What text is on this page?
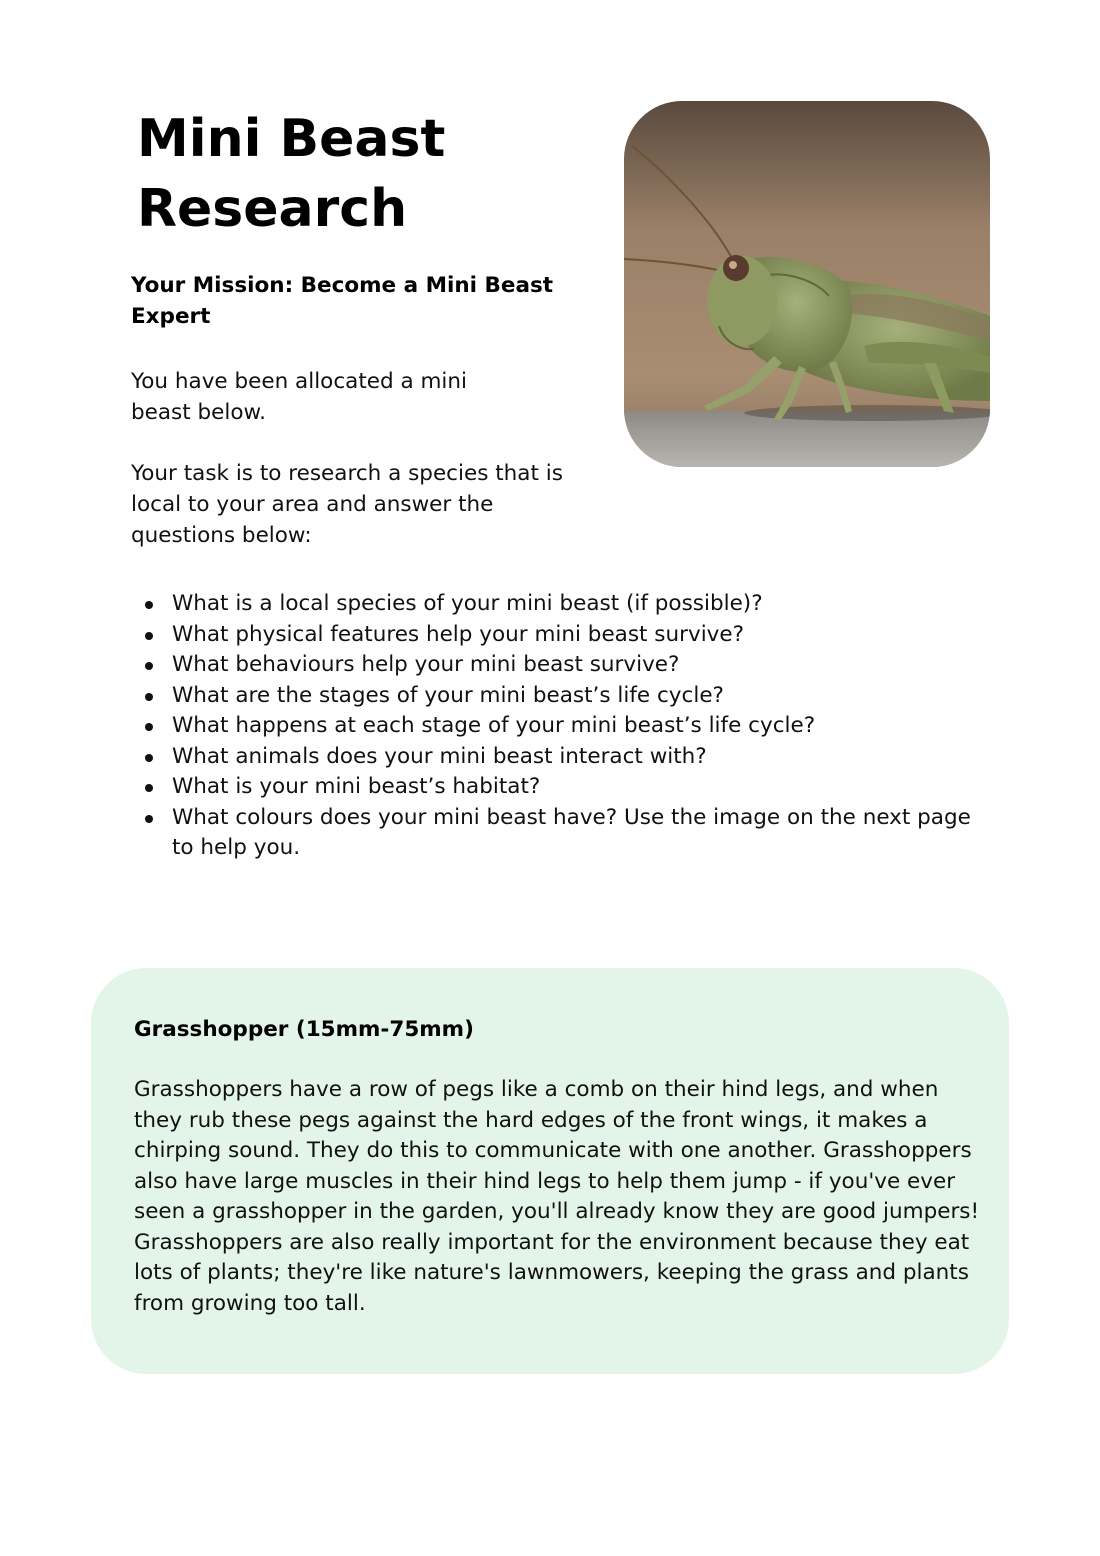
Mini Beast Research
Your Mission: Become a Mini Beast Expert

You have been allocated a mini beast below.

Your task is to research a species that is local to your area and answer the questions below:

What is a local species of your mini beast (if possible)?
What physical features help your mini beast survive?
What behaviours help your mini beast survive?
What are the stages of your mini beast’s life cycle?
What happens at each stage of your mini beast’s life cycle?
What animals does your mini beast interact with?
What is your mini beast’s habitat?
What colours does your mini beast have? Use the image on the next page to help you.
Grasshopper (15mm-75mm)

Grasshoppers have a row of pegs like a comb on their hind legs, and when they rub these pegs against the hard edges of the front wings, it makes a chirping sound. They do this to communicate with one another. Grasshoppers also have large muscles in their hind legs to help them jump - if you've ever seen a grasshopper in the garden, you'll already know they are good jumpers! Grasshoppers are also really important for the environment because they eat lots of plants; they're like nature's lawnmowers, keeping the grass and plants from growing too tall.
